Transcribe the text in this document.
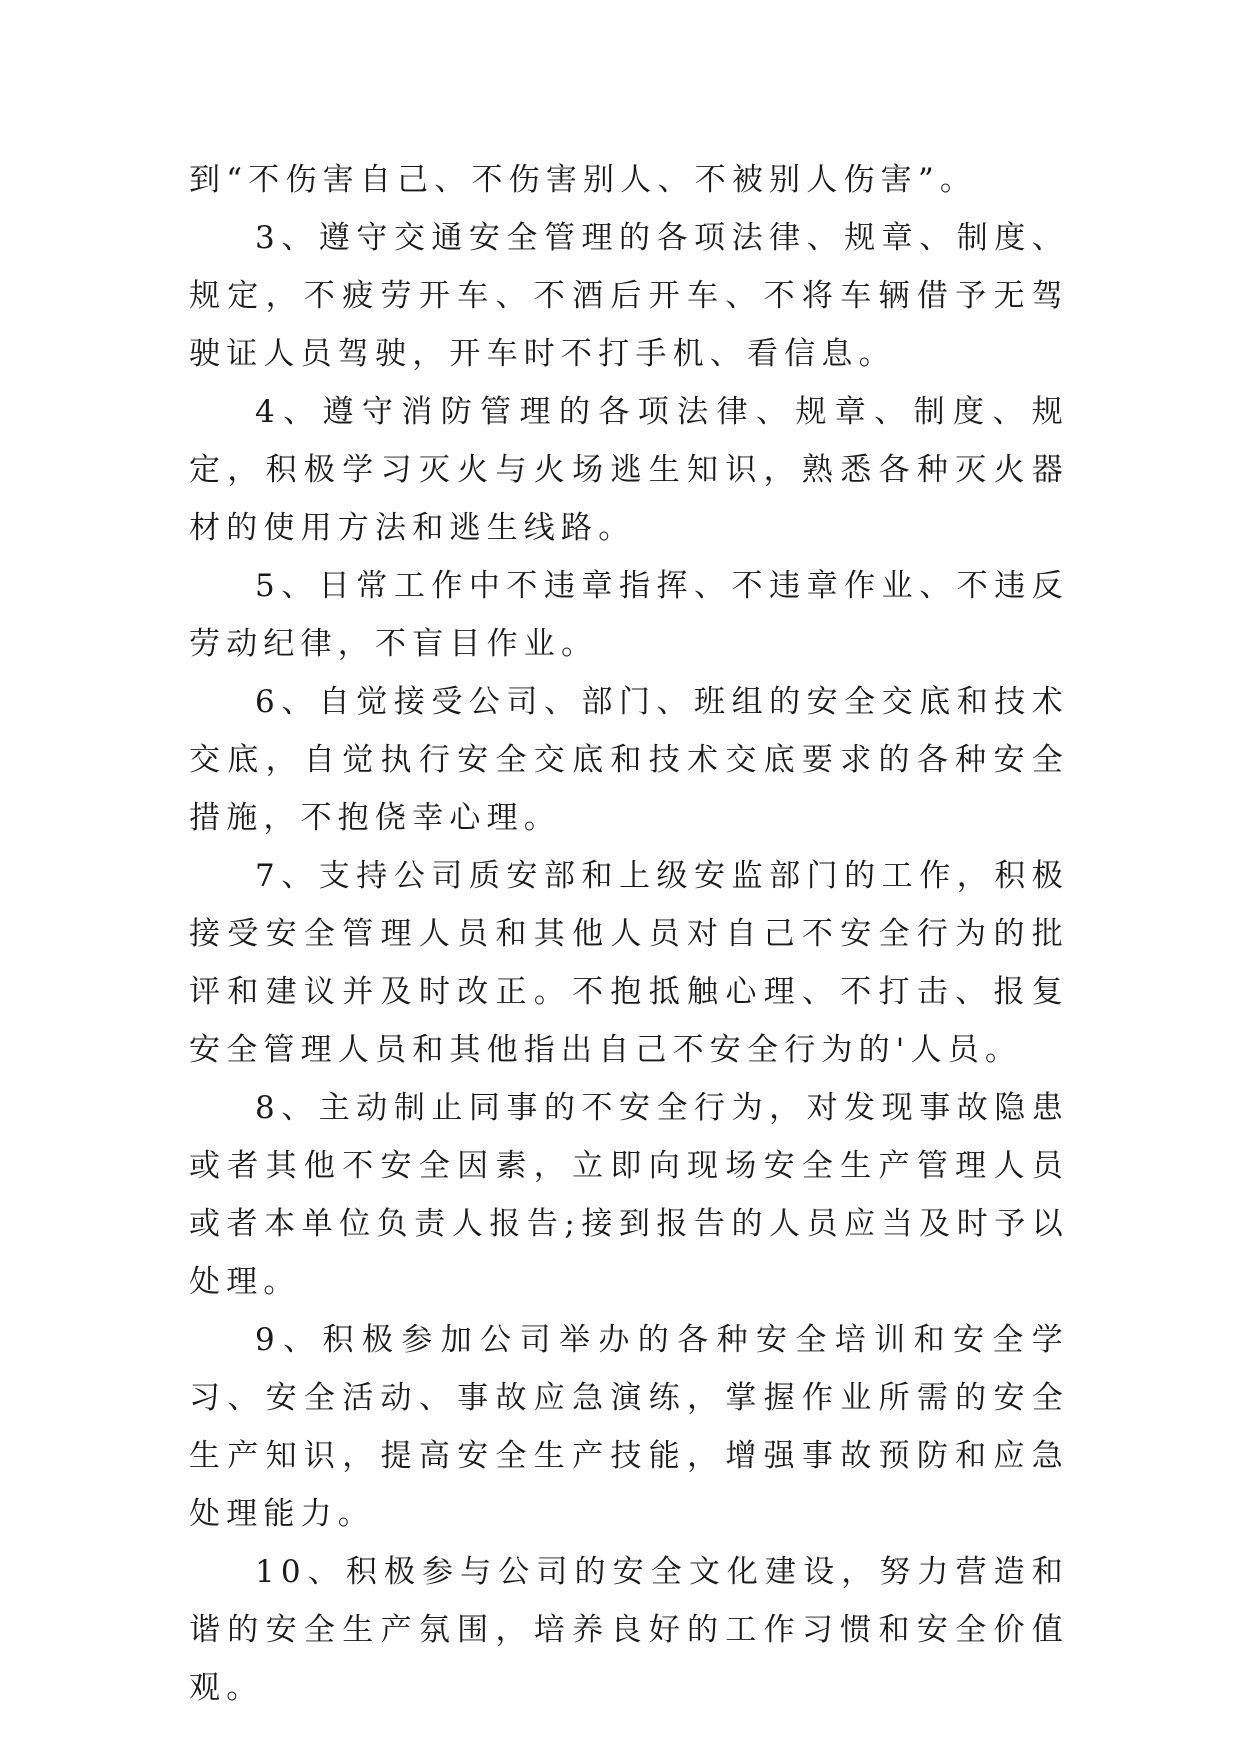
到“不伤害自己、不伤害别人、不被别人伤害”。

3、遵守交通安全管理的各项法律、规章、制度、规定，不疲劳开车、不酒后开车、不将车辆借予无驾驶证人员驾驶，开车时不打手机、看信息。

4、遵守消防管理的各项法律、规章、制度、规定，积极学习灭火与火场逃生知识，熟悉各种灭火器材的使用方法和逃生线路。

5、日常工作中不违章指挥、不违章作业、不违反劳动纪律，不盲目作业。

6、自觉接受公司、部门、班组的安全交底和技术交底，自觉执行安全交底和技术交底要求的各种安全措施，不抱侥幸心理。

7、支持公司质安部和上级安监部门的工作，积极接受安全管理人员和其他人员对自己不安全行为的批评和建议并及时改正。不抱抵触心理、不打击、报复安全管理人员和其他指出自己不安全行为的'人员。

8、主动制止同事的不安全行为，对发现事故隐患或者其他不安全因素，立即向现场安全生产管理人员或者本单位负责人报告;接到报告的人员应当及时予以处理。

9、积极参加公司举办的各种安全培训和安全学习、安全活动、事故应急演练，掌握作业所需的安全生产知识，提高安全生产技能，增强事故预防和应急处理能力。

10、积极参与公司的安全文化建设，努力营造和谐的安全生产氛围，培养良好的工作习惯和安全价值观。
